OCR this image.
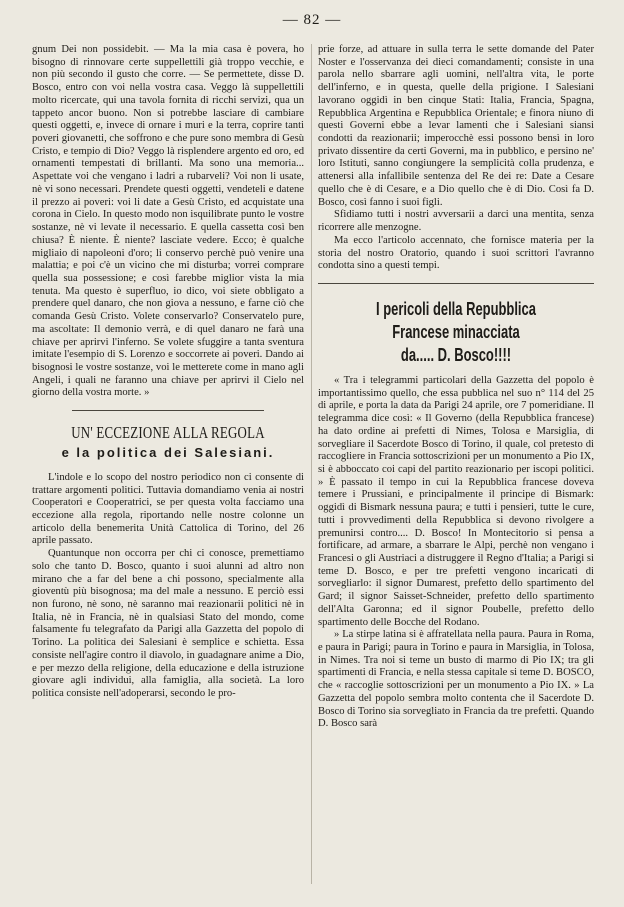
— 82 —

gnum Dei non possidebit. — Ma la mia casa è povera, ho bisogno di rinnovare certe suppellettili già troppo vecchie, e non più secondo il gusto che corre. — Se permettete, disse D. Bosco, entro con voi nella vostra casa. Veggo là suppellettili molto ricercate, qui una tavola fornita di ricchi servizi, qua un tappeto ancor buono. Non si potrebbe lasciare di cambiare questi oggetti, e, invece di ornare i muri e la terra, coprire tanti poveri giovanetti, che soffrono e che pure sono membra di Gesù Cristo, e tempio di Dio? Veggo là risplendere argento ed oro, ed ornamenti tempestati di brillanti. Ma sono una memoria... Aspettate voi che vengano i ladri a rubarveli? Voi non li usate, nè vi sono necessari. Prendete questi oggetti, vendeteli e datene il prezzo ai poveri: voi li date a Gesù Cristo, ed acquistate una corona in Cielo. In questo modo non isquilibrate punto le vostre sostanze, nè vi levate il necessario. E quella cassetta così ben chiusa? È niente. È niente? lasciate vedere. Ecco; è qualche migliaio di napoleoni d'oro; li conservo perchè può venire una malattia; e poi c'è un vicino che mi disturba; vorrei comprare quella sua possessione; e così farebbe miglior vista la mia tenuta. Ma questo è superfluo, io dico, voi siete obbligato a prendere quel danaro, che non giova a nessuno, e farne ciò che comanda Gesù Cristo. Volete conservarlo? Conservatelo pure, ma ascoltate: Il demonio verrà, e di quel danaro ne farà una chiave per aprirvi l'inferno. Se volete sfuggire a tanta sventura imitate l'esempio di S. Lorenzo e soccorrete ai poveri. Dando ai bisognosi le vostre sostanze, voi le metterete come in mano agli Angeli, i quali ne faranno una chiave per aprirvi il Cielo nel giorno della vostra morte. »

UN' ECCEZIONE ALLA REGOLA
e la politica dei Salesiani.

L'indole e lo scopo del nostro periodico non ci consente di trattare argomenti politici. Tuttavia domandiamo venia ai nostri Cooperatori e Cooperatrici, se per questa volta facciamo una eccezione alla regola, riportando nelle nostre colonne un articolo della benemerita Unità Cattolica di Torino, del 26 aprile passato.

Quantunque non occorra per chi ci conosce, premettiamo solo che tanto D. Bosco, quanto i suoi alunni ad altro non mirano che a far del bene a chi possono, specialmente alla gioventù più bisognosa; ma del male a nessuno. E perciò essi non furono, nè sono, nè saranno mai reazionarii politici nè in Italia, nè in Francia, nè in qualsiasi Stato del mondo, come falsamente fu telegrafato da Parigi alla Gazzetta del popolo di Torino. La politica dei Salesiani è semplice e schietta. Essa consiste nell'agire contro il diavolo, in guadagnare anime a Dio, e per mezzo della religione, della educazione e della istruzione giovare agli individui, alla famiglia, alla società. La loro politica consiste nell'adoperarsi, secondo le pro-

prie forze, ad attuare in sulla terra le sette domande del Pater Noster e l'osservanza dei dieci comandamenti; consiste in una parola nello sbarrare agli uomini, nell'altra vita, le porte dell'inferno, e in questa, quelle della prigione. I Salesiani lavorano oggidì in ben cinque Stati: Italia, Francia, Spagna, Repubblica Argentina e Repubblica Orientale; e finora niuno di questi Governi ebbe a levar lamenti che i Salesiani siansi condotti da reazionarii; imperocchè essi possono bensì in loro privato dissentire da certi Governi, ma in pubblico, e persino ne' loro Istituti, sanno congiungere la semplicità colla prudenza, e attenersi alla infallibile sentenza del Re dei re: Date a Cesare quello che è di Cesare, e a Dio quello che è di Dio. Così fa D. Bosco, così fanno i suoi figli.

Sfidiamo tutti i nostri avversarii a darci una mentita, senza ricorrere alle menzogne.

Ma ecco l'articolo accennato, che fornisce materia per la storia del nostro Oratorio, quando i suoi scrittori l'avranno condotta sino a questi tempi.

I pericoli della Repubblica Francese minacciata
da..... D. Bosco!!!!

« Tra i telegrammi particolari della Gazzetta del popolo è importantissimo quello, che essa pubblica nel suo n° 114 del 25 di aprile, e porta la data da Parigi 24 aprile, ore 7 pomeridiane. Il telegramma dice così: « Il Governo (della Repubblica francese) ha dato ordine ai prefetti di Nimes, Tolosa e Marsiglia, di sorvegliare il Sacerdote Bosco di Torino, il quale, col pretesto di raccogliere in Francia sottoscrizioni per un monumento a Pio IX, si è abboccato coi capi del partito reazionario per iscopi politici. » È passato il tempo in cui la Repubblica francese doveva temere i Prussiani, e principalmente il principe di Bismark: oggidì di Bismark nessuna paura; e tutti i pensieri, tutte le cure, tutti i provvedimenti della Repubblica si devono rivolgere a premunirsi contro.... D. Bosco! In Montecitorio si pensa a fortificare, ad armare, a sbarrare le Alpi, perchè non vengano i Francesi o gli Austriaci a distruggere il Regno d'Italia; a Parigi si teme D. Bosco, e per tre prefetti vengono incaricati di sorvegliarlo: il signor Dumarest, prefetto dello spartimento del Gard; il signor Saisset-Schneider, prefetto dello spartimento dell'Alta Garonna; ed il signor Poubelle, prefetto dello spartimento delle Bocche del Rodano.

» La stirpe latina si è affratellata nella paura. Paura in Roma, e paura in Parigi; paura in Torino e paura in Marsiglia, in Tolosa, in Nimes. Tra noi si teme un busto di marmo di Pio IX; tra gli spartimenti di Francia, e nella stessa capitale si teme D. BOSCO, che « raccoglie sottoscrizioni per un monumento a Pio IX. » La Gazzetta del popolo sembra molto contenta che il Sacerdote D. Bosco di Torino sia sorvegliato in Francia da tre prefetti. Quando D. Bosco sarà
